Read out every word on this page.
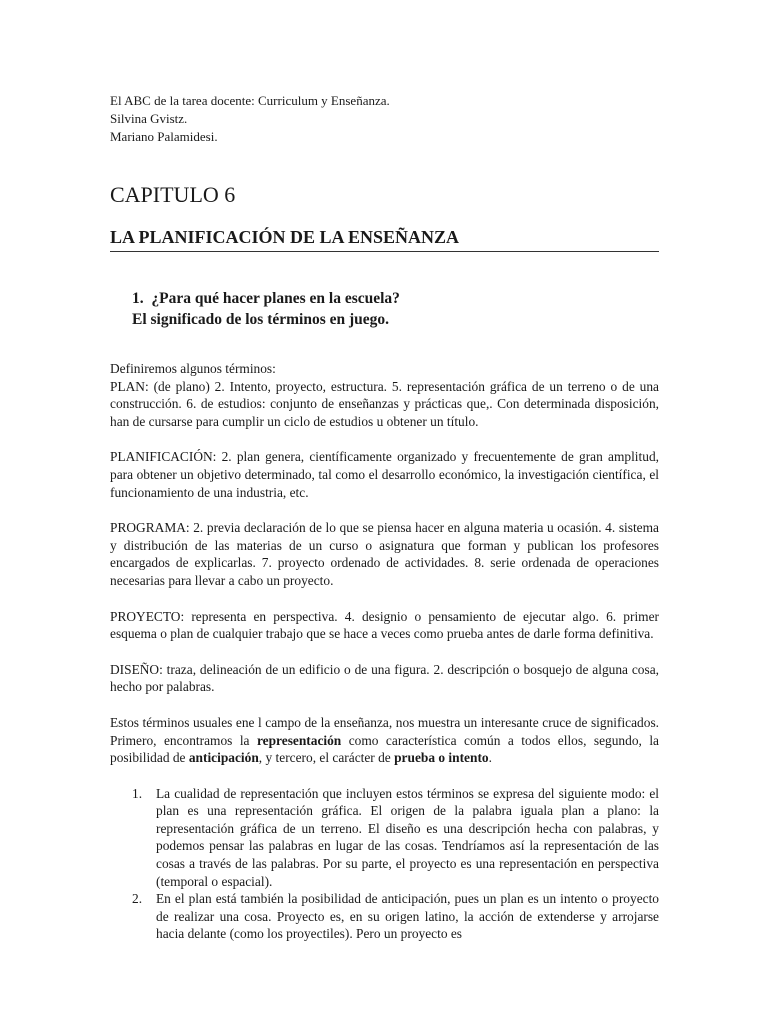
El ABC de la tarea docente: Curriculum y Enseñanza.

Silvina Gvistz.

Mariano Palamidesi.

CAPITULO 6
LA PLANIFICACIÓN DE LA ENSEÑANZA
1. ¿Para qué hacer planes en la escuela?
El significado de los términos en juego.

Definiremos algunos términos:

PLAN: (de plano) 2. Intento, proyecto, estructura. 5. representación gráfica de un terreno o de una construcción. 6. de estudios: conjunto de enseñanzas y prácticas que,. Con determinada disposición, han de cursarse para cumplir un ciclo de estudios u obtener un título.

PLANIFICACIÓN: 2. plan genera, científicamente organizado y frecuentemente de gran amplitud, para obtener un objetivo determinado, tal como el desarrollo económico, la investigación científica, el funcionamiento de una industria, etc.

PROGRAMA: 2. previa declaración de lo que se piensa hacer en alguna materia u ocasión. 4. sistema y distribución de las materias de un curso o asignatura que forman y publican los profesores encargados de explicarlas. 7. proyecto ordenado de actividades. 8. serie ordenada de operaciones necesarias para llevar a cabo un proyecto.

PROYECTO: representa en perspectiva. 4. designio o pensamiento de ejecutar algo. 6. primer esquema o plan de cualquier trabajo que se hace a veces como prueba antes de darle forma definitiva.

DISEÑO: traza, delineación de un edificio o de una figura. 2. descripción o bosquejo de alguna cosa, hecho por palabras.

Estos términos usuales ene l campo de la enseñanza, nos muestra un interesante cruce de significados. Primero, encontramos la representación como característica común a todos ellos, segundo, la posibilidad de anticipación, y tercero, el carácter de prueba o intento.

1. La cualidad de representación que incluyen estos términos se expresa del siguiente modo: el plan es una representación gráfica. El origen de la palabra iguala plan a plano: la representación gráfica de un terreno. El diseño es una descripción hecha con palabras, y podemos pensar las palabras en lugar de las cosas. Tendríamos así la representación de las cosas a través de las palabras. Por su parte, el proyecto es una representación en perspectiva (temporal o espacial).
2. En el plan está también la posibilidad de anticipación, pues un plan es un intento o proyecto de realizar una cosa. Proyecto es, en su origen latino, la acción de extenderse y arrojarse hacia delante (como los proyectiles). Pero un proyecto es
